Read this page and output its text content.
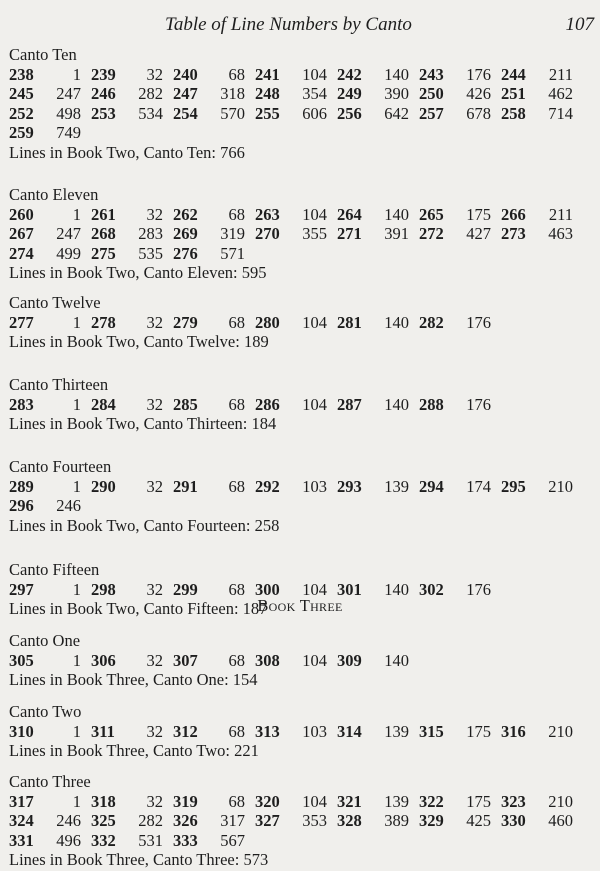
Table of Line Numbers by Canto	107
Canto Ten
238	1 239	32 240	68 241	104 242	140 243	176 244	211
245	247 246	282 247	318 248	354 249	390 250	426 251	462
252	498 253	534 254	570 255	606 256	642 257	678 258	714
259	749
Lines in Book Two, Canto Ten: 766
Canto Eleven
260	1 261	32 262	68 263	104 264	140 265	175 266	211
267	247 268	283 269	319 270	355 271	391 272	427 273	463
274	499 275	535 276	571
Lines in Book Two, Canto Eleven: 595
Canto Twelve
277	1 278	32 279	68 280	104 281	140 282	176
Lines in Book Two, Canto Twelve: 189
Canto Thirteen
283	1 284	32 285	68 286	104 287	140 288	176
Lines in Book Two, Canto Thirteen: 184
Canto Fourteen
289	1 290	32 291	68 292	103 293	139 294	174 295	210
296	246
Lines in Book Two, Canto Fourteen: 258
Canto Fifteen
297	1 298	32 299	68 300	104 301	140 302	176
Lines in Book Two, Canto Fifteen: 187
Book Three
Canto One
305	1 306	32 307	68 308	104 309	140
Lines in Book Three, Canto One: 154
Canto Two
310	1 311	32 312	68 313	103 314	139 315	175 316	210
Lines in Book Three, Canto Two: 221
Canto Three
317	1 318	32 319	68 320	104 321	139 322	175 323	210
324	246 325	282 326	317 327	353 328	389 329	425 330	460
331	496 332	531 333	567
Lines in Book Three, Canto Three: 573
